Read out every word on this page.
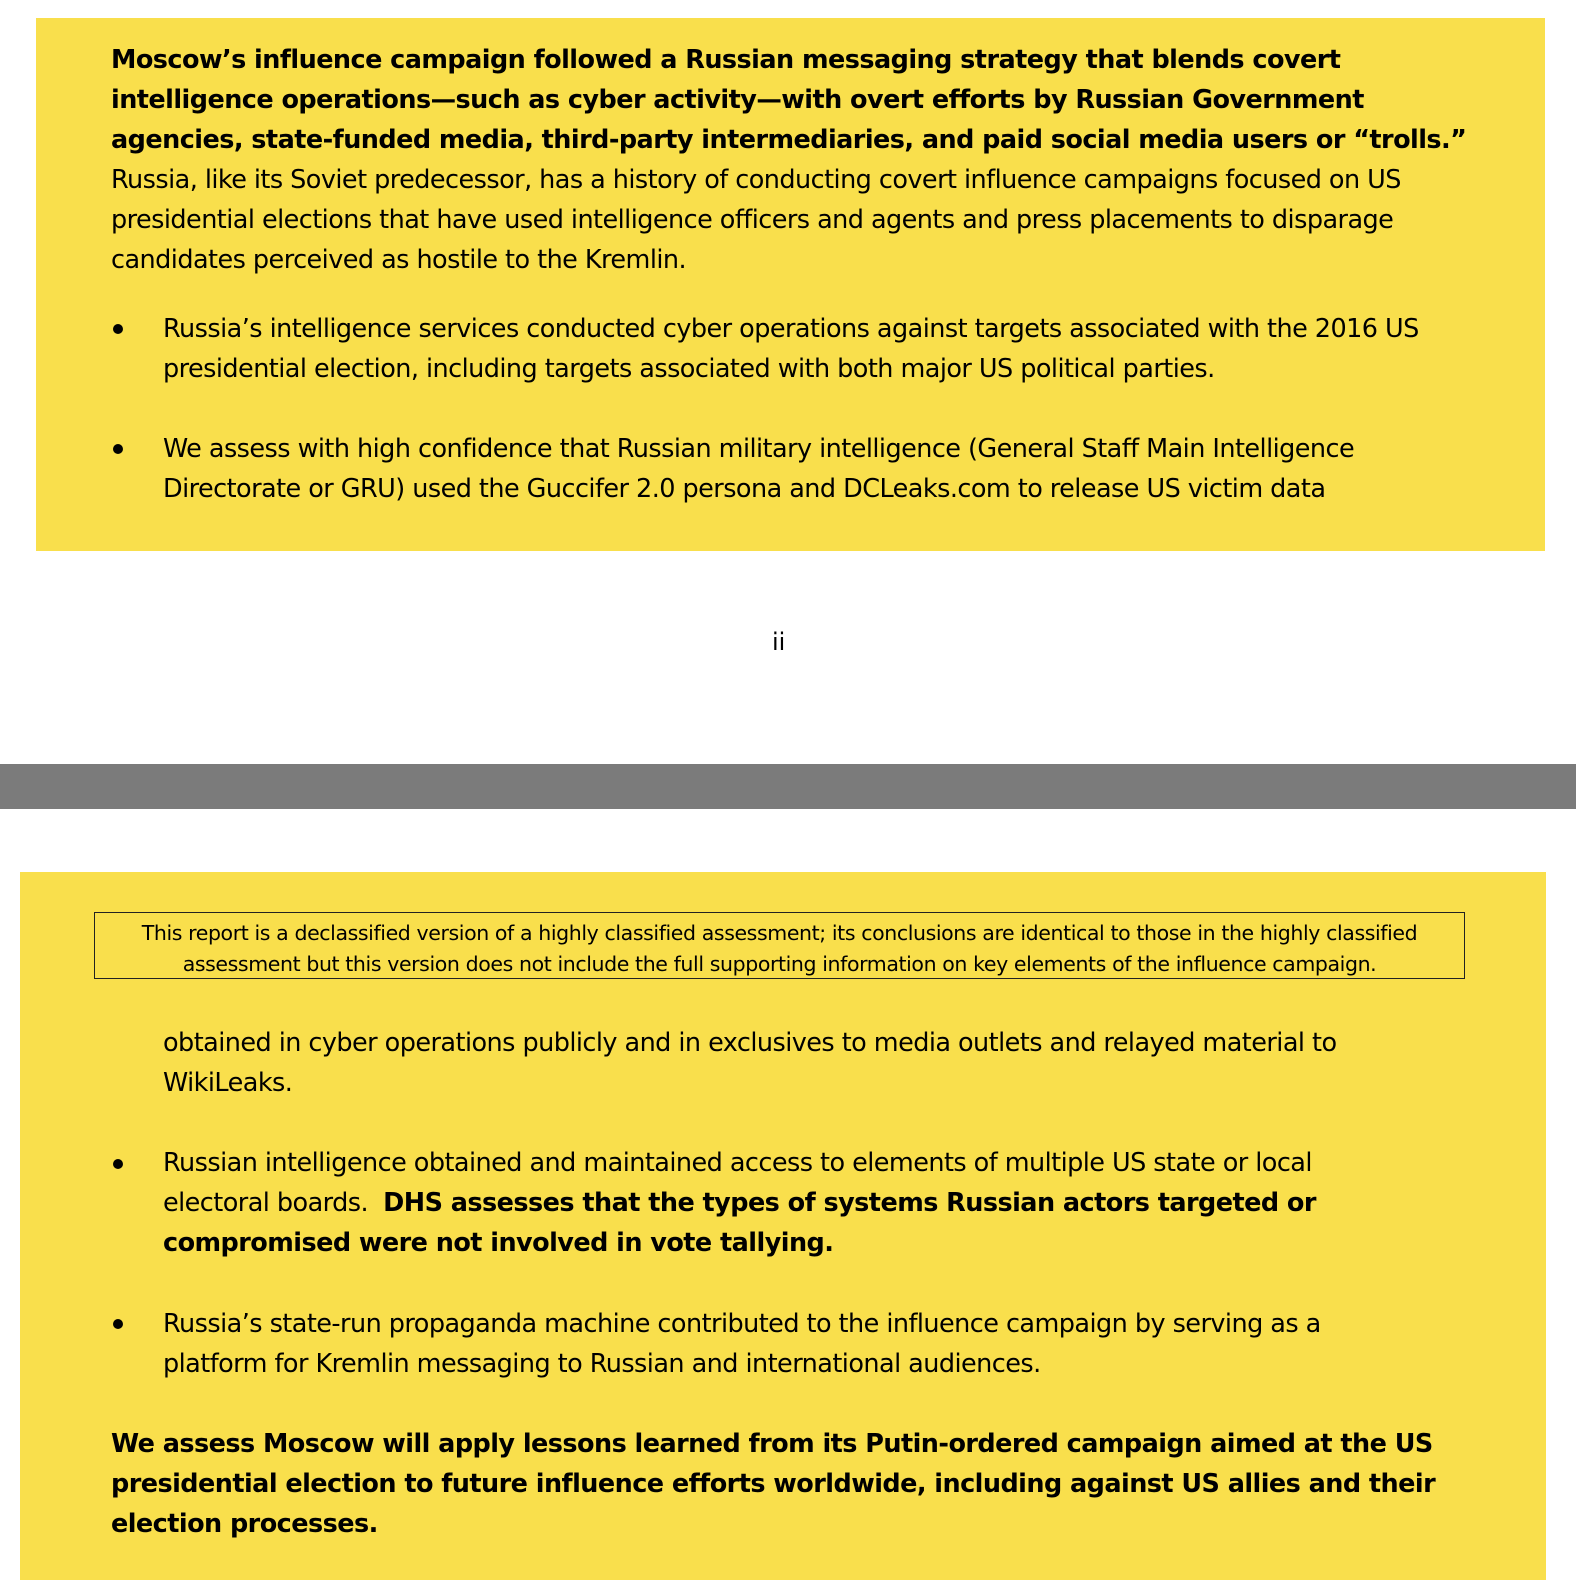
Moscow’s influence campaign followed a Russian messaging strategy that blends covert
intelligence operations—such as cyber activity—with overt efforts by Russian Government
agencies, state-funded media, third-party intermediaries, and paid social media users or “trolls.”
Russia, like its Soviet predecessor, has a history of conducting covert influence campaigns focused on US
presidential elections that have used intelligence officers and agents and press placements to disparage
candidates perceived as hostile to the Kremlin.
Russia’s intelligence services conducted cyber operations against targets associated with the 2016 US
presidential election, including targets associated with both major US political parties.
We assess with high confidence that Russian military intelligence (General Staff Main Intelligence
Directorate or GRU) used the Guccifer 2.0 persona and DCLeaks.com to release US victim data
ii
This report is a declassified version of a highly classified assessment; its conclusions are identical to those in the highly classified
assessment but this version does not include the full supporting information on key elements of the influence campaign.
obtained in cyber operations publicly and in exclusives to media outlets and relayed material to
WikiLeaks.
Russian intelligence obtained and maintained access to elements of multiple US state or local
electoral boards.  DHS assesses that the types of systems Russian actors targeted or
compromised were not involved in vote tallying.
Russia’s state-run propaganda machine contributed to the influence campaign by serving as a
platform for Kremlin messaging to Russian and international audiences.
We assess Moscow will apply lessons learned from its Putin-ordered campaign aimed at the US
presidential election to future influence efforts worldwide, including against US allies and their
election processes.
